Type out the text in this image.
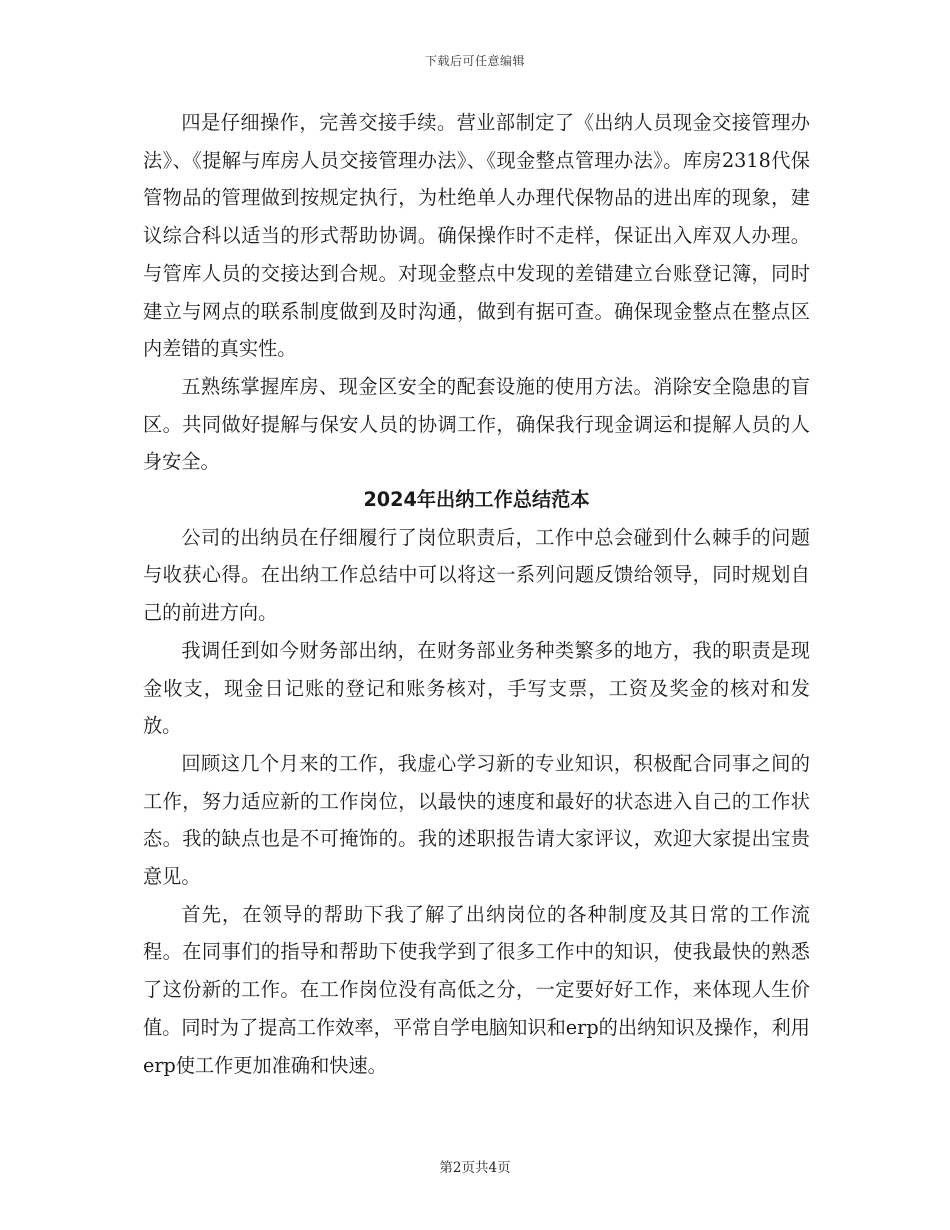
下载后可任意编辑

四是仔细操作，完善交接手续。营业部制定了《出纳人员现金交接管理办法》、《提解与库房人员交接管理办法》、《现金整点管理办法》。库房2318代保管物品的管理做到按规定执行，为杜绝单人办理代保物品的进出库的现象，建议综合科以适当的形式帮助协调。确保操作时不走样，保证出入库双人办理。与管库人员的交接达到合规。对现金整点中发现的差错建立台账登记簿，同时建立与网点的联系制度做到及时沟通，做到有据可查。确保现金整点在整点区内差错的真实性。

五熟练掌握库房、现金区安全的配套设施的使用方法。消除安全隐患的盲区。共同做好提解与保安人员的协调工作，确保我行现金调运和提解人员的人身安全。

2024年出纳工作总结范本

公司的出纳员在仔细履行了岗位职责后，工作中总会碰到什么棘手的问题与收获心得。在出纳工作总结中可以将这一系列问题反馈给领导，同时规划自己的前进方向。

我调任到如今财务部出纳，在财务部业务种类繁多的地方，我的职责是现金收支，现金日记账的登记和账务核对，手写支票，工资及奖金的核对和发放。

回顾这几个月来的工作，我虚心学习新的专业知识，积极配合同事之间的工作，努力适应新的工作岗位，以最快的速度和最好的状态进入自己的工作状态。我的缺点也是不可掩饰的。我的述职报告请大家评议，欢迎大家提出宝贵意见。

首先，在领导的帮助下我了解了出纳岗位的各种制度及其日常的工作流程。在同事们的指导和帮助下使我学到了很多工作中的知识，使我最快的熟悉了这份新的工作。在工作岗位没有高低之分，一定要好好工作，来体现人生价值。同时为了提高工作效率，平常自学电脑知识和erp的出纳知识及操作，利用erp使工作更加准确和快速。

第2页共4页
